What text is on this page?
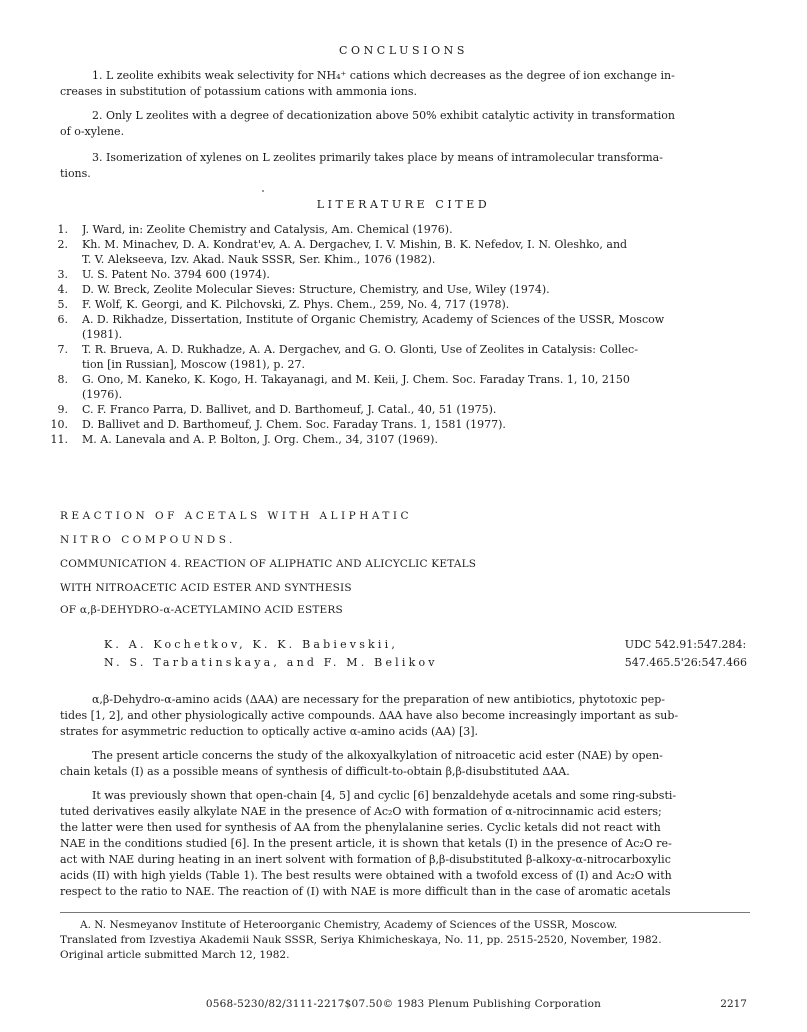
CONCLUSIONS
1. L zeolite exhibits weak selectivity for NH₄⁺ cations which decreases as the degree of ion exchange in-
creases in substitution of potassium cations with ammonia ions.
2. Only L zeolites with a degree of decationization above 50% exhibit catalytic activity in transformation
of o-xylene.
3. Isomerization of xylenes on L zeolites primarily takes place by means of intramolecular transforma-
tions.
LITERATURE CITED
1. J. Ward, in: Zeolite Chemistry and Catalysis, Am. Chemical (1976).
2. Kh. M. Minachev, D. A. Kondrat'ev, A. A. Dergachev, I. V. Mishin, B. K. Nefedov, I. N. Oleshko, and
T. V. Alekseeva, Izv. Akad. Nauk SSSR, Ser. Khim., 1076 (1982).
3. U. S. Patent No. 3794 600 (1974).
4. D. W. Breck, Zeolite Molecular Sieves: Structure, Chemistry, and Use, Wiley (1974).
5. F. Wolf, K. Georgi, and K. Pilchovski, Z. Phys. Chem., 259, No. 4, 717 (1978).
6. A. D. Rikhadze, Dissertation, Institute of Organic Chemistry, Academy of Sciences of the USSR, Moscow
(1981).
7. T. R. Brueva, A. D. Rukhadze, A. A. Dergachev, and G. O. Glonti, Use of Zeolites in Catalysis: Collec-
tion [in Russian], Moscow (1981), p. 27.
8. G. Ono, M. Kaneko, K. Kogo, H. Takayanagi, and M. Keii, J. Chem. Soc. Faraday Trans. 1, 10, 2150
(1976).
9. C. F. Franco Parra, D. Ballivet, and D. Barthomeuf, J. Catal., 40, 51 (1975).
10. D. Ballivet and D. Barthomeuf, J. Chem. Soc. Faraday Trans. 1, 1581 (1977).
11. M. A. Lanevala and A. P. Bolton, J. Org. Chem., 34, 3107 (1969).
REACTION OF ACETALS WITH ALIPHATIC
NITRO COMPOUNDS.
COMMUNICATION 4. REACTION OF ALIPHATIC AND ALICYCLIC KETALS
WITH NITROACETIC ACID ESTER AND SYNTHESIS
OF α,β-DEHYDRO-α-ACETYLAMINO ACID ESTERS
K. A. Kochetkov, K. K. Babievskii,
N. S. Tarbatinskaya, and F. M. Belikov
UDC 542.91:547.284:
547.465.5'26:547.466
α,β-Dehydro-α-amino acids (ΔAA) are necessary for the preparation of new antibiotics, phytotoxic pep-
tides [1, 2], and other physiologically active compounds. ΔAA have also become increasingly important as sub-
strates for asymmetric reduction to optically active α-amino acids (AA) [3].
The present article concerns the study of the alkoxyalkylation of nitroacetic acid ester (NAE) by open-
chain ketals (I) as a possible means of synthesis of difficult-to-obtain β,β-disubstituted ΔAA.
It was previously shown that open-chain [4, 5] and cyclic [6] benzaldehyde acetals and some ring-substi-
tuted derivatives easily alkylate NAE in the presence of Ac₂O with formation of α-nitrocinnamic acid esters;
the latter were then used for synthesis of AA from the phenylalanine series. Cyclic ketals did not react with
NAE in the conditions studied [6]. In the present article, it is shown that ketals (I) in the presence of Ac₂O re-
act with NAE during heating in an inert solvent with formation of β,β-disubstituted β-alkoxy-α-nitrocarboxylic
acids (II) with high yields (Table 1). The best results were obtained with a twofold excess of (I) and Ac₂O with
respect to the ratio to NAE. The reaction of (I) with NAE is more difficult than in the case of aromatic acetals
A. N. Nesmeyanov Institute of Heteroorganic Chemistry, Academy of Sciences of the USSR, Moscow.
Translated from Izvestiya Akademii Nauk SSSR, Seriya Khimicheskaya, No. 11, pp. 2515-2520, November, 1982.
Original article submitted March 12, 1982.
0568-5230/82/3111-2217$07.50© 1983 Plenum Publishing Corporation	2217
